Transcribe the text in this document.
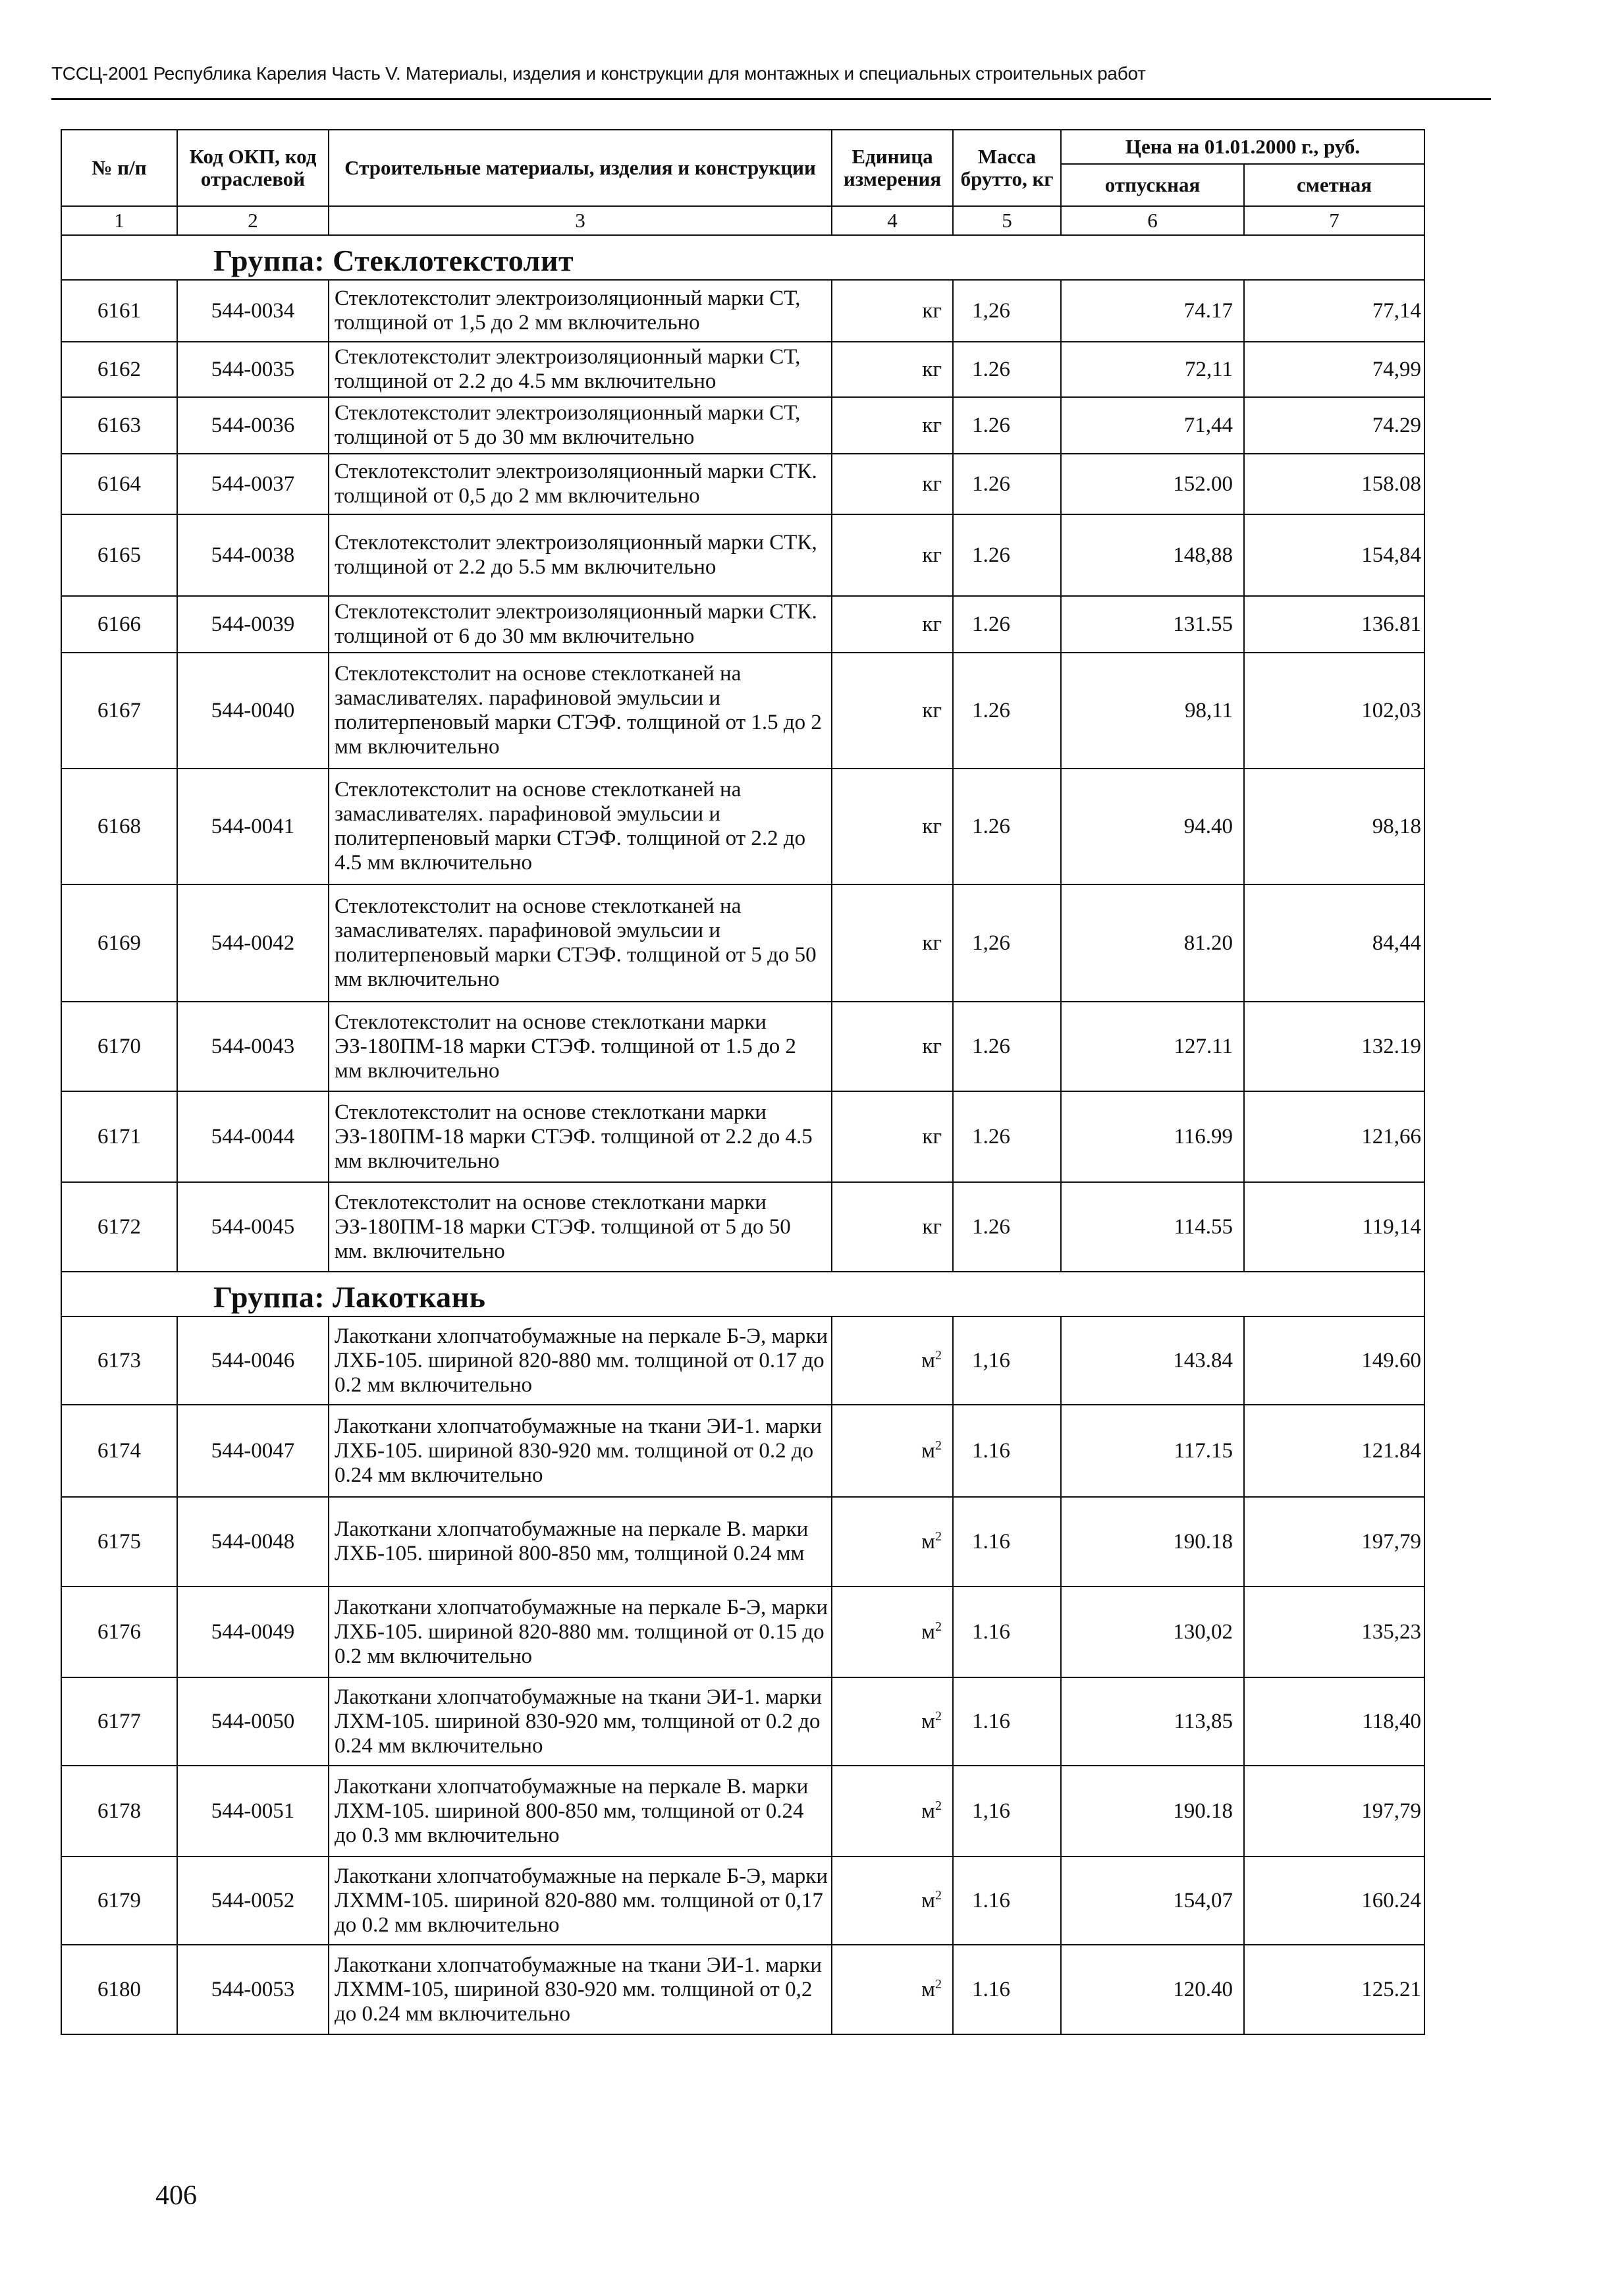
ТССЦ-2001 Республика Карелия Часть V. Материалы, изделия и конструкции для монтажных и специальных строительных работ
№ п/п	Код ОКП, код отраслевой	Строительные материалы, изделия и конструкции	Единица измерения	Масса брутто, кг	Цена на 01.01.2000 г., руб.	
					отпускная	сметная
1	2	3	4	5	6	7
Группа: Стеклотекстолит						
6161	544-0034	Стеклотекстолит электроизоляционный марки СТ, толщиной от 1,5 до 2 мм включительно	кг	1,26	74.17	77,14
6162	544-0035	Стеклотекстолит электроизоляционный марки СТ, толщиной от 2.2 до 4.5 мм включительно	кг	1.26	72,11	74,99
6163	544-0036	Стеклотекстолит электроизоляционный марки СТ, толщиной от 5 до 30 мм включительно	кг	1.26	71,44	74.29
6164	544-0037	Стеклотекстолит электроизоляционный марки СТК. толщиной от 0,5 до 2 мм включительно	кг	1.26	152.00	158.08
6165	544-0038	Стеклотекстолит электроизоляционный марки СТК, толщиной от 2.2 до 5.5 мм включительно	кг	1.26	148,88	154,84
6166	544-0039	Стеклотекстолит электроизоляционный марки СТК. толщиной от 6 до 30 мм включительно	кг	1.26	131.55	136.81
6167	544-0040	Стеклотекстолит на основе стеклотканей на замасливателях. парафиновой эмульсии и политерпеновый марки СТЭФ. толщиной от 1.5 до 2 мм включительно	кг	1.26	98,11	102,03
6168	544-0041	Стеклотекстолит на основе стеклотканей на замасливателях. парафиновой эмульсии и политерпеновый марки СТЭФ. толщиной от 2.2 до 4.5 мм включительно	кг	1.26	94.40	98,18
6169	544-0042	Стеклотекстолит на основе стеклотканей на замасливателях. парафиновой эмульсии и политерпеновый марки СТЭФ. толщиной от 5 до 50 мм включительно	кг	1,26	81.20	84,44
6170	544-0043	Стеклотекстолит на основе стеклоткани марки ЭЗ-180ПМ-18 марки СТЭФ. толщиной от 1.5 до 2 мм включительно	кг	1.26	127.11	132.19
6171	544-0044	Стеклотекстолит на основе стеклоткани марки ЭЗ-180ПМ-18 марки СТЭФ. толщиной от 2.2 до 4.5 мм включительно	кг	1.26	116.99	121,66
6172	544-0045	Стеклотекстолит на основе стеклоткани марки ЭЗ-180ПМ-18 марки СТЭФ. толщиной от 5 до 50 мм. включительно	кг	1.26	114.55	119,14
Группа: Лакоткань						
6173	544-0046	Лакоткани хлопчатобумажные на перкале Б-Э, марки ЛХБ-105. шириной 820-880 мм. толщиной от 0.17 до 0.2 мм включительно	$м^2$	1,16	143.84	149.60
6174	544-0047	Лакоткани хлопчатобумажные на ткани ЭИ-1. марки ЛХБ-105. шириной 830-920 мм. толщиной от 0.2 до 0.24 мм включительно	$м^2$	1.16	117.15	121.84
6175	544-0048	Лакоткани хлопчатобумажные на перкале В. марки ЛХБ-105. шириной 800-850 мм, толщиной 0.24 мм	$м^2$	1.16	190.18	197,79
6176	544-0049	Лакоткани хлопчатобумажные на перкале Б-Э, марки ЛХБ-105. шириной 820-880 мм. толщиной от 0.15 до 0.2 мм включительно	$м^2$	1.16	130,02	135,23
6177	544-0050	Лакоткани хлопчатобумажные на ткани ЭИ-1. марки ЛХМ-105. шириной 830-920 мм, толщиной от 0.2 до 0.24 мм включительно	$м^2$	1.16	113,85	118,40
6178	544-0051	Лакоткани хлопчатобумажные на перкале В. марки ЛХМ-105. шириной 800-850 мм, толщиной от 0.24 до 0.3 мм включительно	$м^2$	1,16	190.18	197,79
6179	544-0052	Лакоткани хлопчатобумажные на перкале Б-Э, марки ЛХММ-105. шириной 820-880 мм. толщиной от 0,17 до 0.2 мм включительно	$м^2$	1.16	154,07	160.24
6180	544-0053	Лакоткани хлопчатобумажные на ткани ЭИ-1. марки ЛХММ-105, шириной 830-920 мм. толщиной от 0,2 до 0.24 мм включительно	$м^2$	1.16	120.40	125.21
406
